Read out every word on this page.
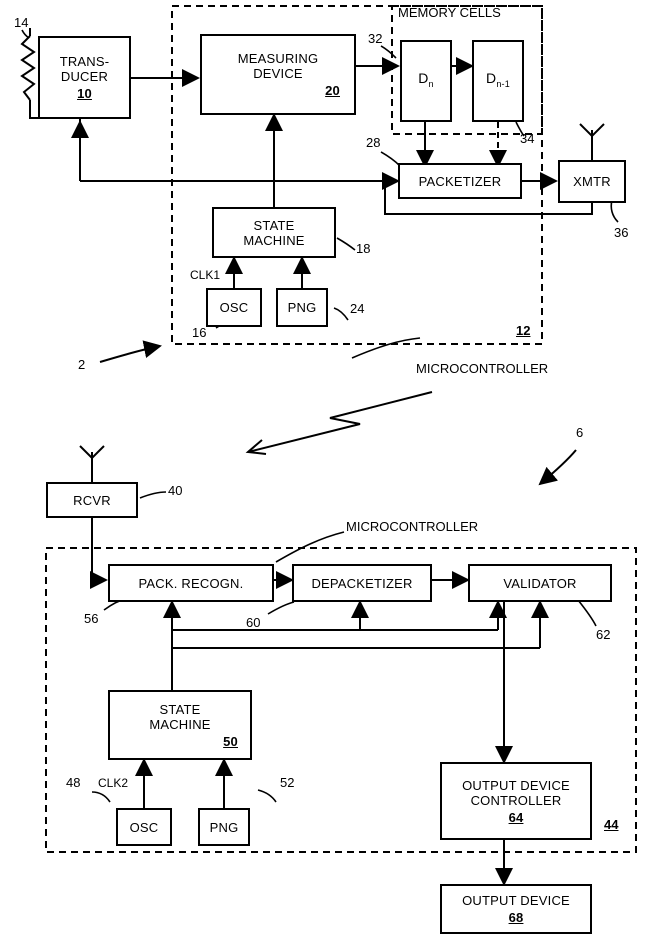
TRANS-
DUCER
10
MEASURING
DEVICE
20
$D_n$	$D_{n-1}$
PACKETIZER	XMTR
STATE
MACHINE
OSC	PNG
MEMORY CELLS
MICROCONTROLLER
CLK1
14
32
34
28
18
16
24
36
12
2
6
RCVR
40
MICROCONTROLLER
PACK. RECOGN.	DEPACKETIZER	VALIDATOR
56	60
62
STATE
MACHINE
50
OSC	PNG
CLK2
48	52	OUTPUT DEVICE
CONTROLLER
64	44
OUTPUT DEVICE
68
